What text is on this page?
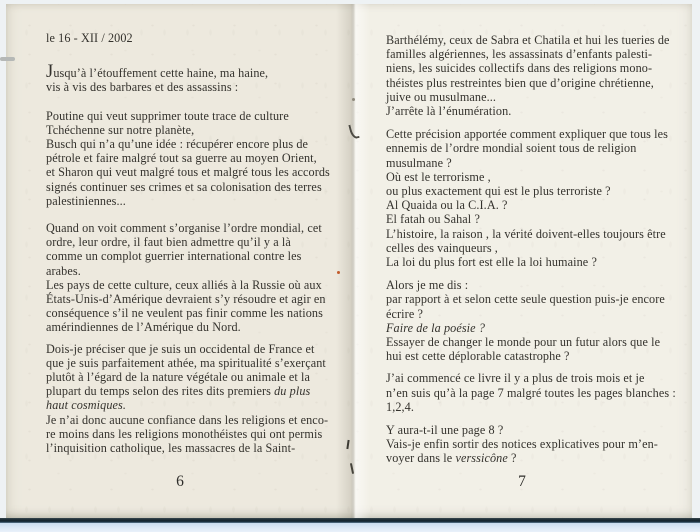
le 16 - XII / 2002
Jusqu’à l’étouffement cette haine, ma haine,
vis à vis des barbares et des assassins :
Poutine qui veut supprimer toute trace de culture
Tchéchenne sur notre planète,
Busch qui n’a qu’une idée : récupérer encore plus de
pétrole et faire malgré tout sa guerre au moyen Orient,
et Sharon qui veut malgré tous et malgré tous les accords
signés continuer ses crimes et sa colonisation des terres
palestiniennes...
Quand on voit comment s’organise l’ordre mondial, cet
ordre, leur ordre, il faut bien admettre qu’il y a là
comme un complot guerrier international contre les
arabes.
Les pays de cette culture, ceux alliés à la Russie où aux
États-Unis-d’Amérique devraient s’y résoudre et agir en
conséquence s’il ne veulent pas finir comme les nations
amérindiennes de l’Amérique du Nord.
Dois-je préciser que je suis un occidental de France et
que je suis parfaitement athée, ma spiritualité s’exerçant
plutôt à l’égard de la nature végétale ou animale et la
plupart du temps selon des rites dits premiers du plus
haut cosmiques.
Je n’ai donc aucune confiance dans les religions et enco-
re moins dans les religions monothéistes qui ont permis
l’inquisition catholique, les massacres de la Saint-
Barthélémy, ceux de Sabra et Chatila et hui les tueries de
familles algériennes, les assassinats d’enfants palesti-
niens, les suicides collectifs dans des religions mono-
théistes plus restreintes bien que d’origine chrétienne,
juive ou musulmane...
J’arrête là l’énumération.
Cette précision apportée comment expliquer que tous les
ennemis de l’ordre mondial soient tous de religion
musulmane ?
Où est le terrorisme ,
ou plus exactement qui est le plus terroriste ?
Al Quaida ou la C.I.A. ?
El fatah ou Sahal ?
L’histoire, la raison , la vérité doivent-elles toujours être
celles des vainqueurs ,
La loi du plus fort est elle la loi humaine ?
Alors je me dis :
par rapport à et selon cette seule question puis-je encore
écrire ?
Faire de la poésie ?
Essayer de changer le monde pour un futur alors que le
hui est cette déplorable catastrophe ?
J’ai commencé ce livre il y a plus de trois mois et je
n’en suis qu’à la page 7 malgré toutes les pages blanches :
1,2,4.
Y aura-t-il une page 8 ?
Vais-je enfin sortir des notices explicatives pour m’en-
voyer dans le verssicône ?
6	7
